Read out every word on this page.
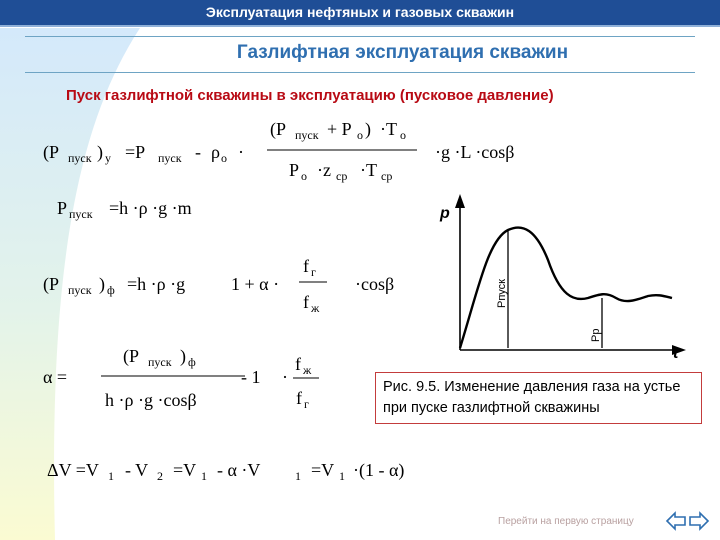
Эксплуатация нефтяных и газовых скважин
Газлифтная эксплуатация скважин
Пуск газлифтной скважины в эксплуатацию (пусковое давление)
(P пуск ) у =P пуск - ρ о ·
(P пуск + P о ) ·T о
P о ·z ср ·T ср
·g ·L ·cosβ
P пуск =h ·ρ ·g ·m
(P пуск ) ф =h ·ρ ·g	1 + α ·
f г
f ж
·cosβ
α =
(P пуск ) ф
h ·ρ ·g ·cosβ
- 1 ·
f ж
f г
ΔV =V 1 - V 2 =V 1 - α ·V	1 =V 1 ·(1 - α)
p
t
Pпуск
Pр
Рис. 9.5. Изменение давления газа на устье при пуске газлифтной скважины
Перейти на первую страницу
